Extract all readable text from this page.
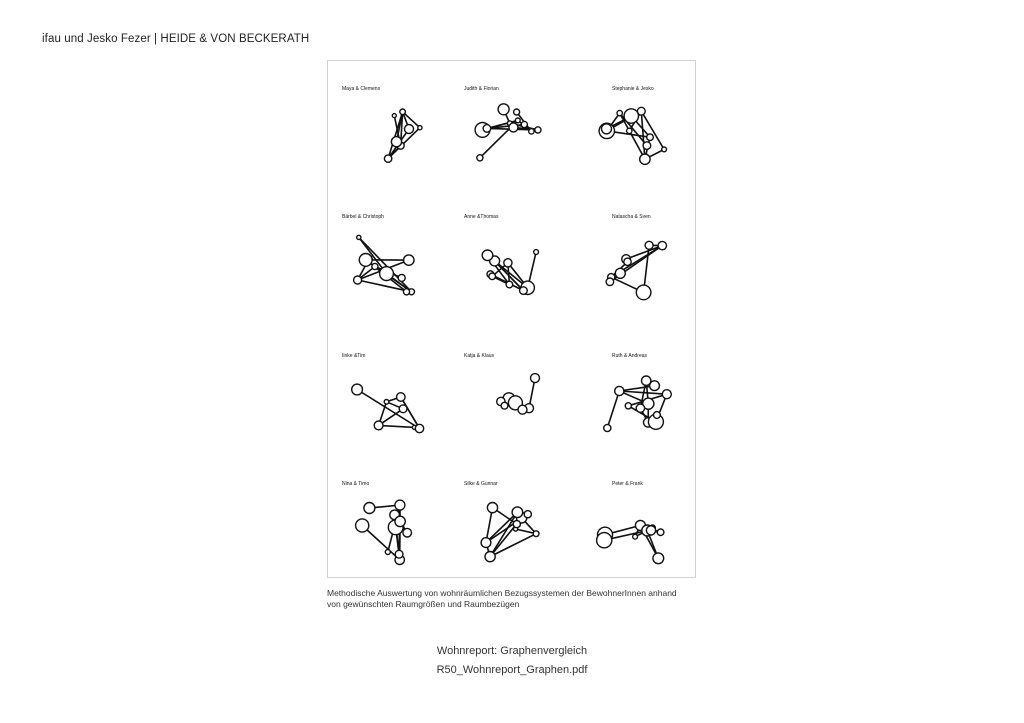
ifau und Jesko Fezer | HEIDE & VON BECKERATH
Maya & Clemens	Judith & Florian	Stephanie & Jesko
Bärbel & Christoph	Anne &Thomas	Natascha & Sven
Iinke &Tim	Katja & Klaus	Ruth & Andreas
Nina & Timo	Silke & Gunnar	Peter & Frank
Methodische Auswertung von wohnräumlichen Bezugssystemen der BewohnerInnen anhand
von gewünschten Raumgrößen und Raumbezügen
Wohnreport: Graphenvergleich
R50_Wohnreport_Graphen.pdf
